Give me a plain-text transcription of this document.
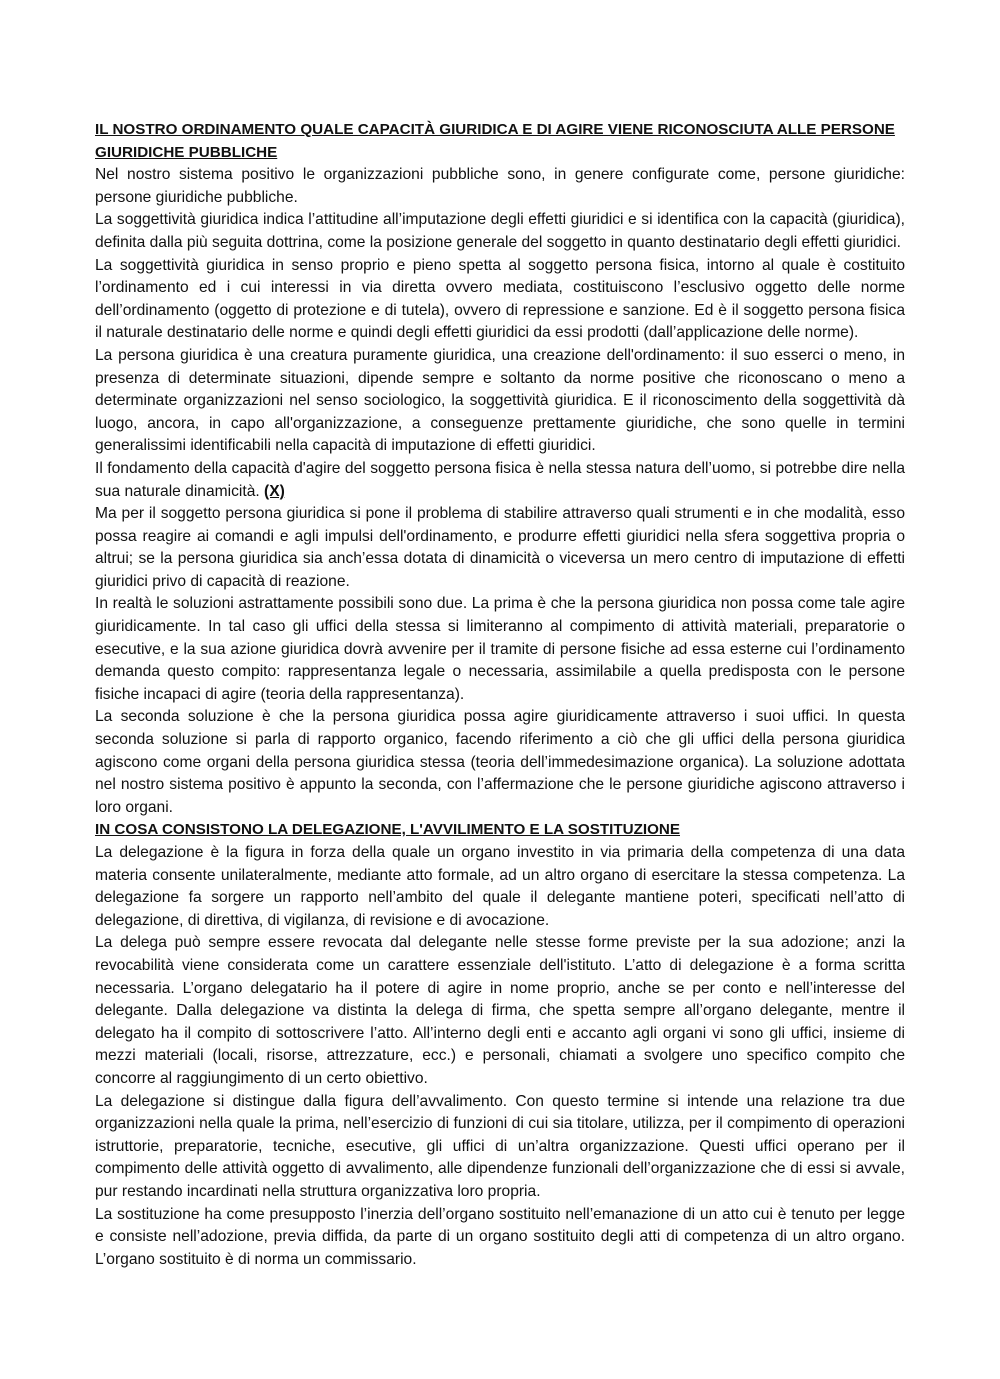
IL NOSTRO ORDINAMENTO QUALE CAPACITÀ GIURIDICA E DI AGIRE VIENE RICONOSCIUTA ALLE PERSONE GIURIDICHE PUBBLICHE

Nel nostro sistema positivo le organizzazioni pubbliche sono, in genere configurate come, persone giuridiche: persone giuridiche pubbliche.

La soggettività giuridica indica l’attitudine all’imputazione degli effetti giuridici e si identifica con la capacità (giuridica), definita dalla più seguita dottrina, come la posizione generale del soggetto in quanto destinatario degli effetti giuridici.

La soggettività giuridica in senso proprio e pieno spetta al soggetto persona fisica, intorno al quale è costituito l’ordinamento ed i cui interessi in via diretta ovvero mediata, costituiscono l’esclusivo oggetto delle norme dell’ordinamento (oggetto di protezione e di tutela), ovvero di repressione e sanzione. Ed è il soggetto persona fisica il naturale destinatario delle norme e quindi degli effetti giuridici da essi prodotti (dall’applicazione delle norme).

La persona giuridica è una creatura puramente giuridica, una creazione dell'ordinamento: il suo esserci o meno, in presenza di determinate situazioni, dipende sempre e soltanto da norme positive che riconoscano o meno a determinate organizzazioni nel senso sociologico, la soggettività giuridica. E il riconoscimento della soggettività dà luogo, ancora, in capo all'organizzazione, a conseguenze prettamente giuridiche, che sono quelle in termini generalissimi identificabili nella capacità di imputazione di effetti giuridici.

Il fondamento della capacità d'agire del soggetto persona fisica è nella stessa natura dell’uomo, si potrebbe dire nella sua naturale dinamicità. (X)

Ma per il soggetto persona giuridica si pone il problema di stabilire attraverso quali strumenti e in che modalità, esso possa reagire ai comandi e agli impulsi dell'ordinamento, e produrre effetti giuridici nella sfera soggettiva propria o altrui; se la persona giuridica sia anch’essa dotata di dinamicità o viceversa un mero centro di imputazione di effetti giuridici privo di capacità di reazione.

In realtà le soluzioni astrattamente possibili sono due. La prima è che la persona giuridica non possa come tale agire giuridicamente. In tal caso gli uffici della stessa si limiteranno al compimento di attività materiali, preparatorie o esecutive, e la sua azione giuridica dovrà avvenire per il tramite di persone fisiche ad essa esterne cui l’ordinamento demanda questo compito: rappresentanza legale o necessaria, assimilabile a quella predisposta con le persone fisiche incapaci di agire (teoria della rappresentanza).

La seconda soluzione è che la persona giuridica possa agire giuridicamente attraverso i suoi uffici. In questa seconda soluzione si parla di rapporto organico, facendo riferimento a ciò che gli uffici della persona giuridica agiscono come organi della persona giuridica stessa (teoria dell’immedesimazione organica). La soluzione adottata nel nostro sistema positivo è appunto la seconda, con l’affermazione che le persone giuridiche agiscono attraverso i loro organi.

IN COSA CONSISTONO LA DELEGAZIONE, L'AVVILIMENTO E LA SOSTITUZIONE

La delegazione è la figura in forza della quale un organo investito in via primaria della competenza di una data materia consente unilateralmente, mediante atto formale, ad un altro organo di esercitare la stessa competenza. La delegazione fa sorgere un rapporto nell’ambito del quale il delegante mantiene poteri, specificati nell’atto di delegazione, di direttiva, di vigilanza, di revisione e di avocazione.

La delega può sempre essere revocata dal delegante nelle stesse forme previste per la sua adozione; anzi la revocabilità viene considerata come un carattere essenziale dell'istituto. L’atto di delegazione è a forma scritta necessaria. L’organo delegatario ha il potere di agire in nome proprio, anche se per conto e nell’interesse del delegante. Dalla delegazione va distinta la delega di firma, che spetta sempre all’organo delegante, mentre il delegato ha il compito di sottoscrivere l’atto. All’interno degli enti e accanto agli organi vi sono gli uffici, insieme di mezzi materiali (locali, risorse, attrezzature, ecc.) e personali, chiamati a svolgere uno specifico compito che concorre al raggiungimento di un certo obiettivo.

La delegazione si distingue dalla figura dell’avvalimento. Con questo termine si intende una relazione tra due organizzazioni nella quale la prima, nell’esercizio di funzioni di cui sia titolare, utilizza, per il compimento di operazioni istruttorie, preparatorie, tecniche, esecutive, gli uffici di un’altra organizzazione. Questi uffici operano per il compimento delle attività oggetto di avvalimento, alle dipendenze funzionali dell’organizzazione che di essi si avvale, pur restando incardinati nella struttura organizzativa loro propria.

La sostituzione ha come presupposto l’inerzia dell’organo sostituito nell’emanazione di un atto cui è tenuto per legge e consiste nell’adozione, previa diffida, da parte di un organo sostituito degli atti di competenza di un altro organo. L’organo sostituito è di norma un commissario.
